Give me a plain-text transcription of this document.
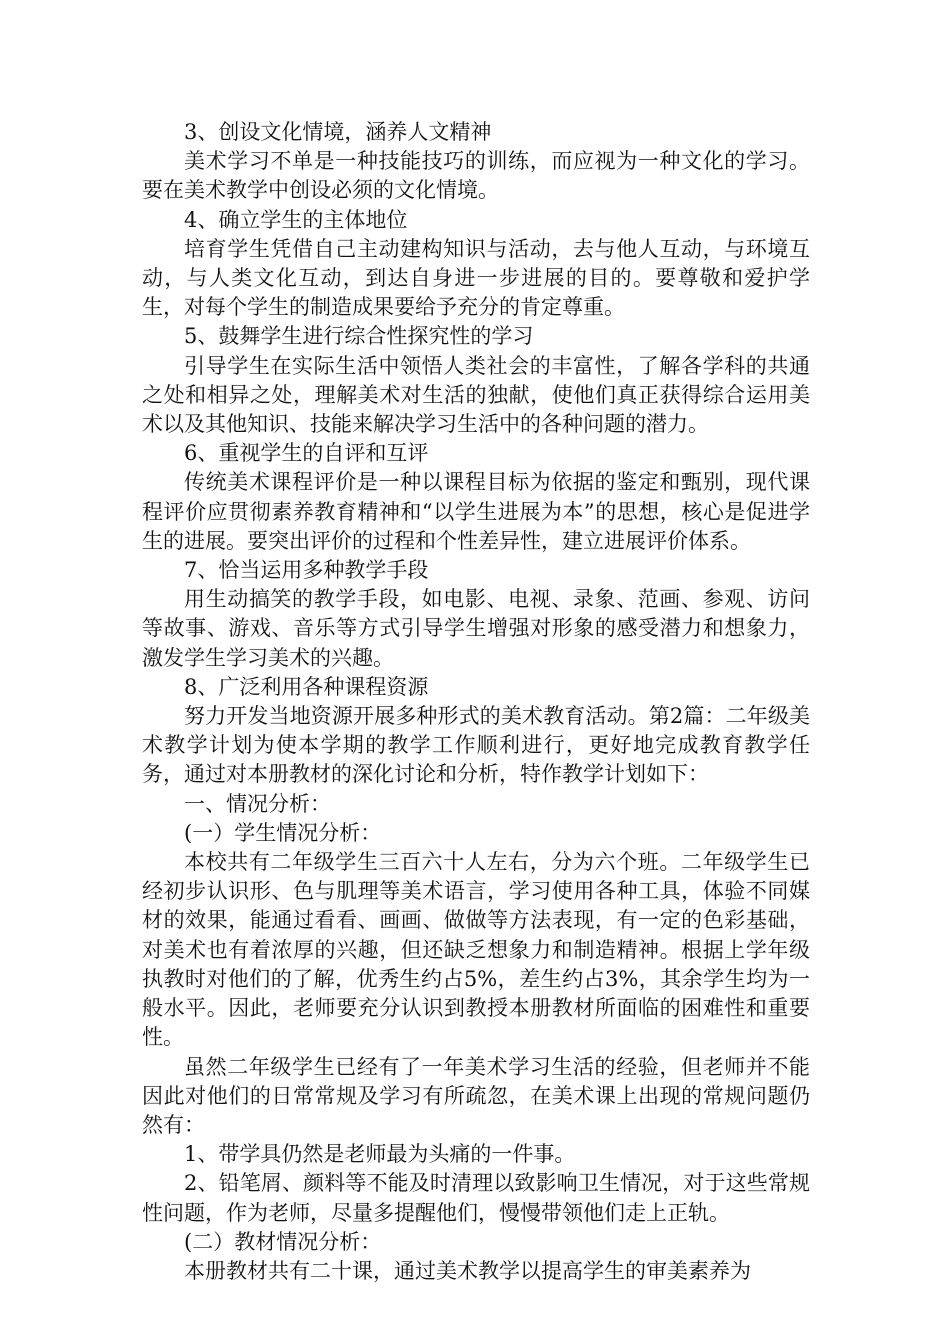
3、创设文化情境，涵养人文精神

美术学习不单是一种技能技巧的训练，而应视为一种文化的学习。要在美术教学中创设必须的文化情境。

4、确立学生的主体地位

培育学生凭借自己主动建构知识与活动，去与他人互动，与环境互动，与人类文化互动，到达自身进一步进展的目的。要尊敬和爱护学生，对每个学生的制造成果要给予充分的肯定尊重。

5、鼓舞学生进行综合性探究性的学习

引导学生在实际生活中领悟人类社会的丰富性，了解各学科的共通之处和相异之处，理解美术对生活的独献，使他们真正获得综合运用美术以及其他知识、技能来解决学习生活中的各种问题的潜力。

6、重视学生的自评和互评

传统美术课程评价是一种以课程目标为依据的鉴定和甄别，现代课程评价应贯彻素养教育精神和“以学生进展为本”的思想，核心是促进学生的进展。要突出评价的过程和个性差异性，建立进展评价体系。

7、恰当运用多种教学手段

用生动搞笑的教学手段，如电影、电视、录象、范画、参观、访问等故事、游戏、音乐等方式引导学生增强对形象的感受潜力和想象力，激发学生学习美术的兴趣。

8、广泛利用各种课程资源

努力开发当地资源开展多种形式的美术教育活动。第2篇：二年级美术教学计划为使本学期的教学工作顺利进行，更好地完成教育教学任务，通过对本册教材的深化讨论和分析，特作教学计划如下：

一、情况分析：

(一）学生情况分析：

本校共有二年级学生三百六十人左右，分为六个班。二年级学生已经初步认识形、色与肌理等美术语言，学习使用各种工具，体验不同媒材的效果，能通过看看、画画、做做等方法表现，有一定的色彩基础，对美术也有着浓厚的兴趣，但还缺乏想象力和制造精神。根据上学年级执教时对他们的了解，优秀生约占5%，差生约占3%，其余学生均为一般水平。因此，老师要充分认识到教授本册教材所面临的困难性和重要性。

虽然二年级学生已经有了一年美术学习生活的经验，但老师并不能因此对他们的日常常规及学习有所疏忽，在美术课上出现的常规问题仍然有：

1、带学具仍然是老师最为头痛的一件事。

2、铅笔屑、颜料等不能及时清理以致影响卫生情况，对于这些常规性问题，作为老师，尽量多提醒他们，慢慢带领他们走上正轨。

(二）教材情况分析：

本册教材共有二十课，通过美术教学以提高学生的审美素养为
